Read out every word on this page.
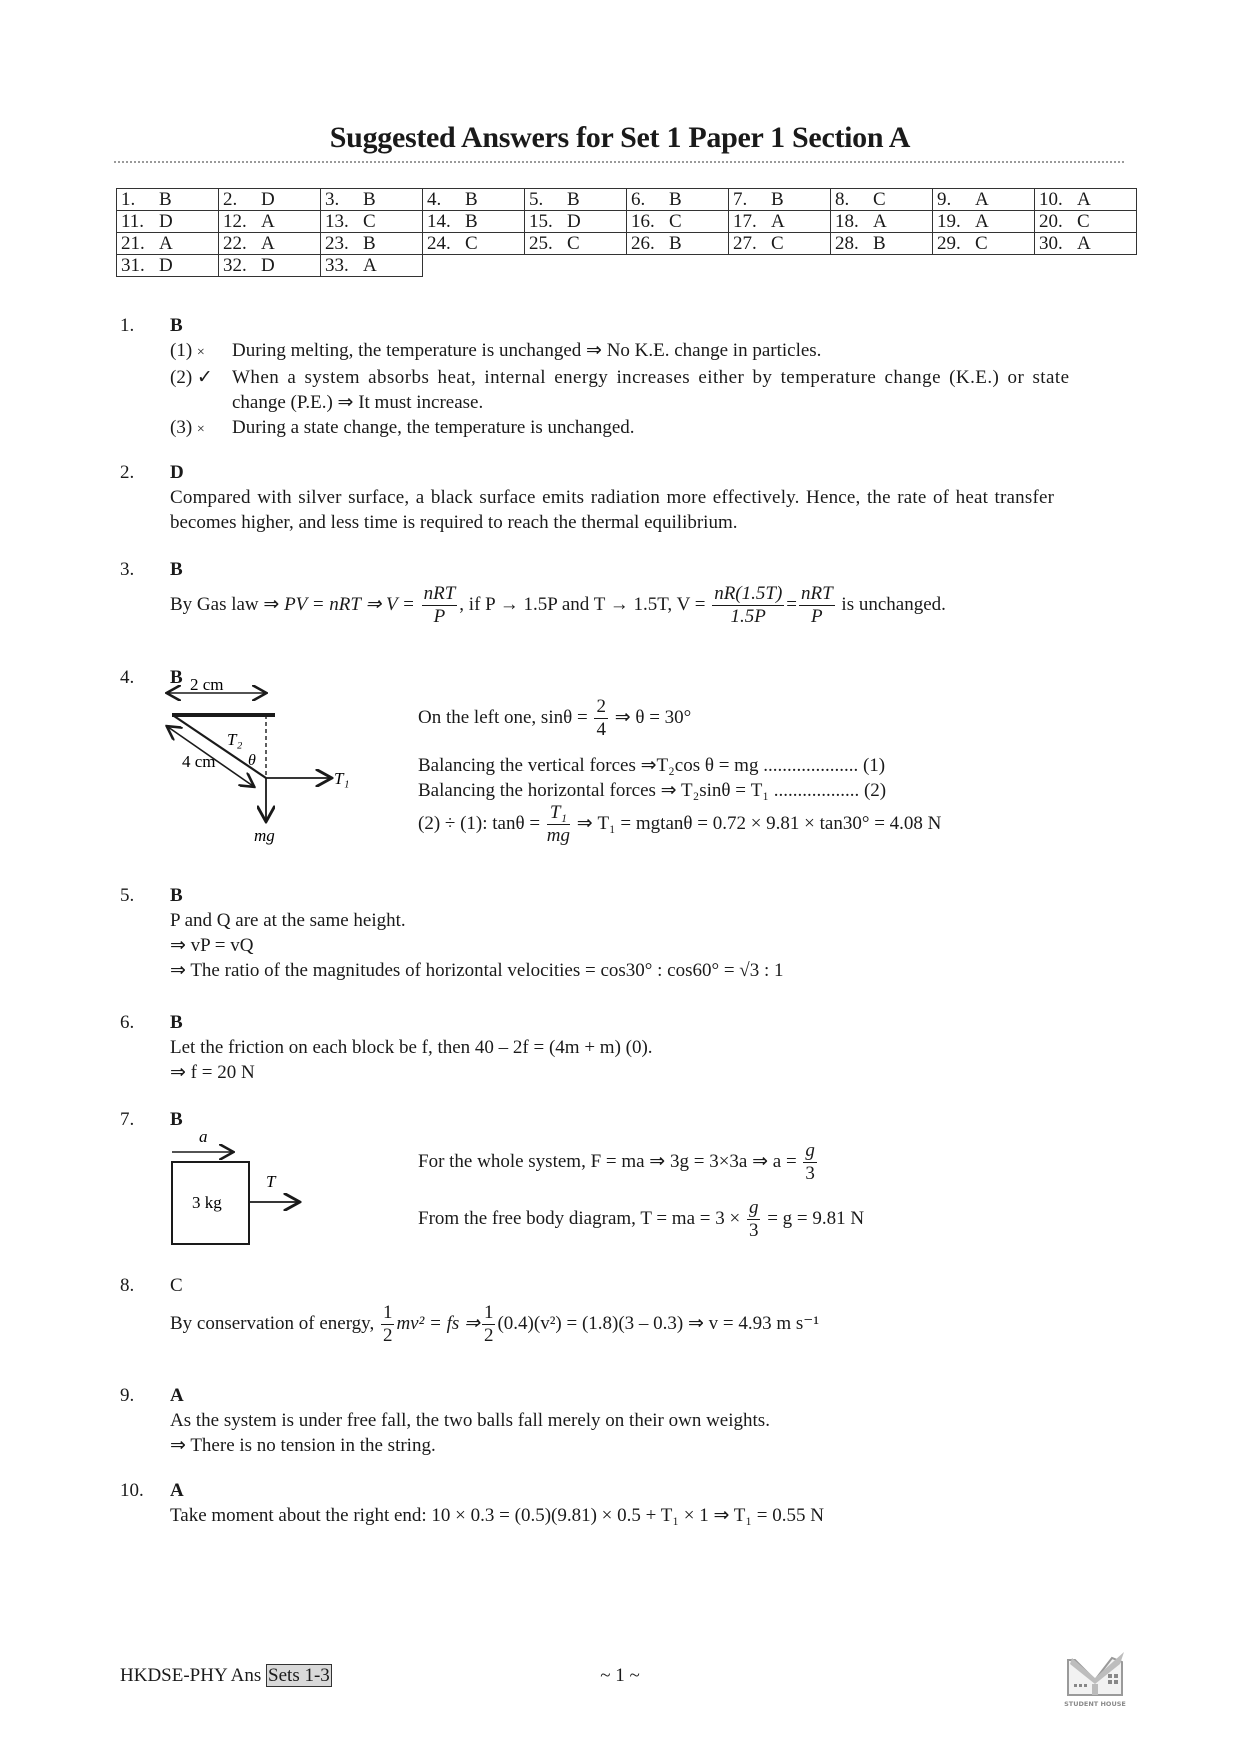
Suggested Answers for Set 1 Paper 1 Section A
1. B	2. D	3. B	4. B	5. B	6. B	7. B	8. C	9. A	10. A
11. D	12. A	13. C	14. B	15. D	16. C	17. A	18. A	19. A	20. C
21. A	22. A	23. B	24. C	25. C	26. B	27. C	28. B	29. C	30. A
31. D	32. D	33. A							
1. B
(1) × During melting, the temperature is unchanged ⇒ No K.E. change in particles.
(2) ✓ When a system absorbs heat, internal energy increases either by temperature change (K.E.) or state
change (P.E.) ⇒ It must increase.
(3) × During a state change, the temperature is unchanged.
2. D
Compared with silver surface, a black surface emits radiation more effectively. Hence, the rate of heat transfer
becomes higher, and less time is required to reach the thermal equilibrium.
3. B
By Gas law ⇒ PV = nRT ⇒ $V = \frac{\text{nRT}}{P}$ , if P → 1.5P and T → 1.5T, $V = \frac{nR(1.5T)}{1.5P} = \frac{\text{nRT}}{P}$ is unchanged.
4. B 2 cm
4 cm
T₂
θ
T₁
mg
On the left one, $\sin\theta = \frac{2}{4}$ ⇒ θ = 30°
Balancing the vertical forces ⇒T₂cos θ = mg .................... (1)
Balancing the horizontal forces ⇒ T₂sinθ = T₁ .................. (2)
(2) ÷ (1): $\tan\theta = \frac{\text{T₁}}{mg}$ ⇒ T₁ = mgtanθ = 0.72 × 9.81 × tan30° = 4.08 N
5. B
P and Q are at the same height.
⇒ vP = vQ
⇒ The ratio of the magnitudes of horizontal velocities = cos30° : cos60° = √3 : 1
6. B
Let the friction on each block be f, then 40 – 2f = (4m + m) (0).
⇒ f = 20 N
7. B
a
3 kg
T
For the whole system, F = ma ⇒ 3g = 3×3a ⇒ $a = \frac{g}{3}$
From the free body diagram, T = ma = $3 \times \frac{g}{3} = g = 9.81$ N
8. C
By conservation of energy, $\frac{1}{2} mv^2$ = fs ⇒ $\frac{1}{2} (0.4)(v^2) = (1.8)(3 - 0.3)$ ⇒ v = 4.93 m s⁻¹
9. A
As the system is under free fall, the two balls fall merely on their own weights.
⇒ There is no tension in the string.
10. A
Take moment about the right end: 10 × 0.3 = (0.5)(9.81) × 0.5 + T₁ × 1 ⇒ T₁ = 0.55 N
HKDSE-PHY Ans Sets 1-3	~ 1 ~
STUDENT HOUSE
